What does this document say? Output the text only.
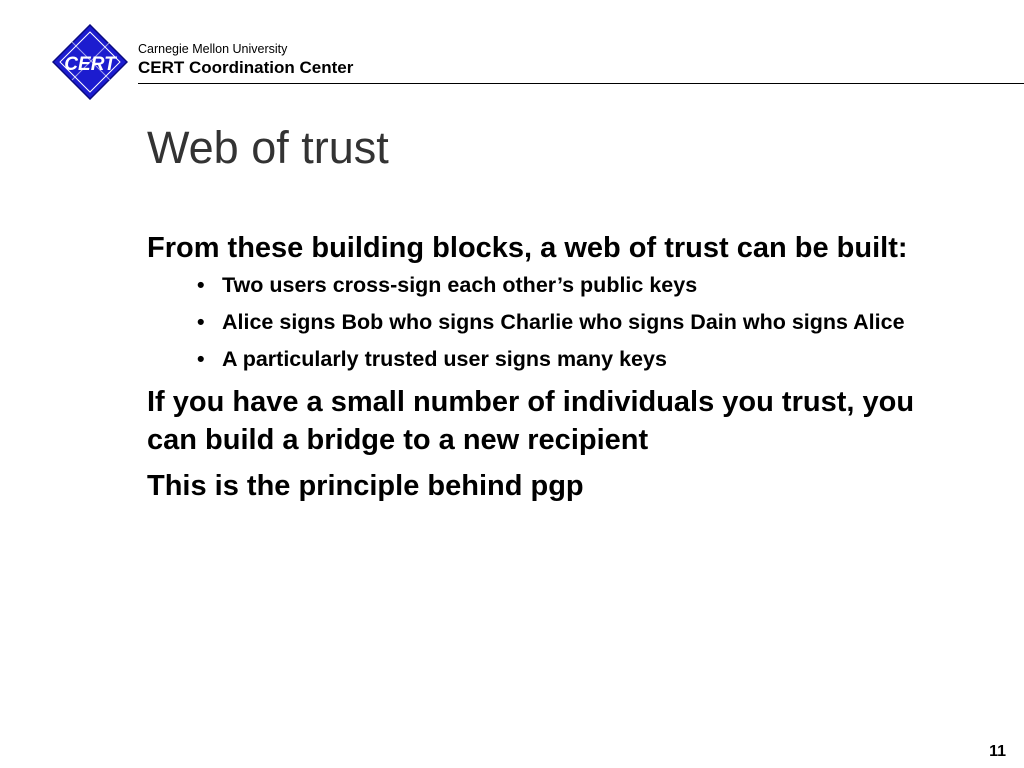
CERT
Carnegie Mellon University
CERT Coordination Center
Web of trust
From these building blocks, a web of trust can be built:
• Two users cross-sign each other’s public keys
• Alice signs Bob who signs Charlie who signs Dain who signs Alice
• A particularly trusted user signs many keys
If you have a small number of individuals you trust, you can build a bridge to a new recipient
This is the principle behind pgp
11
